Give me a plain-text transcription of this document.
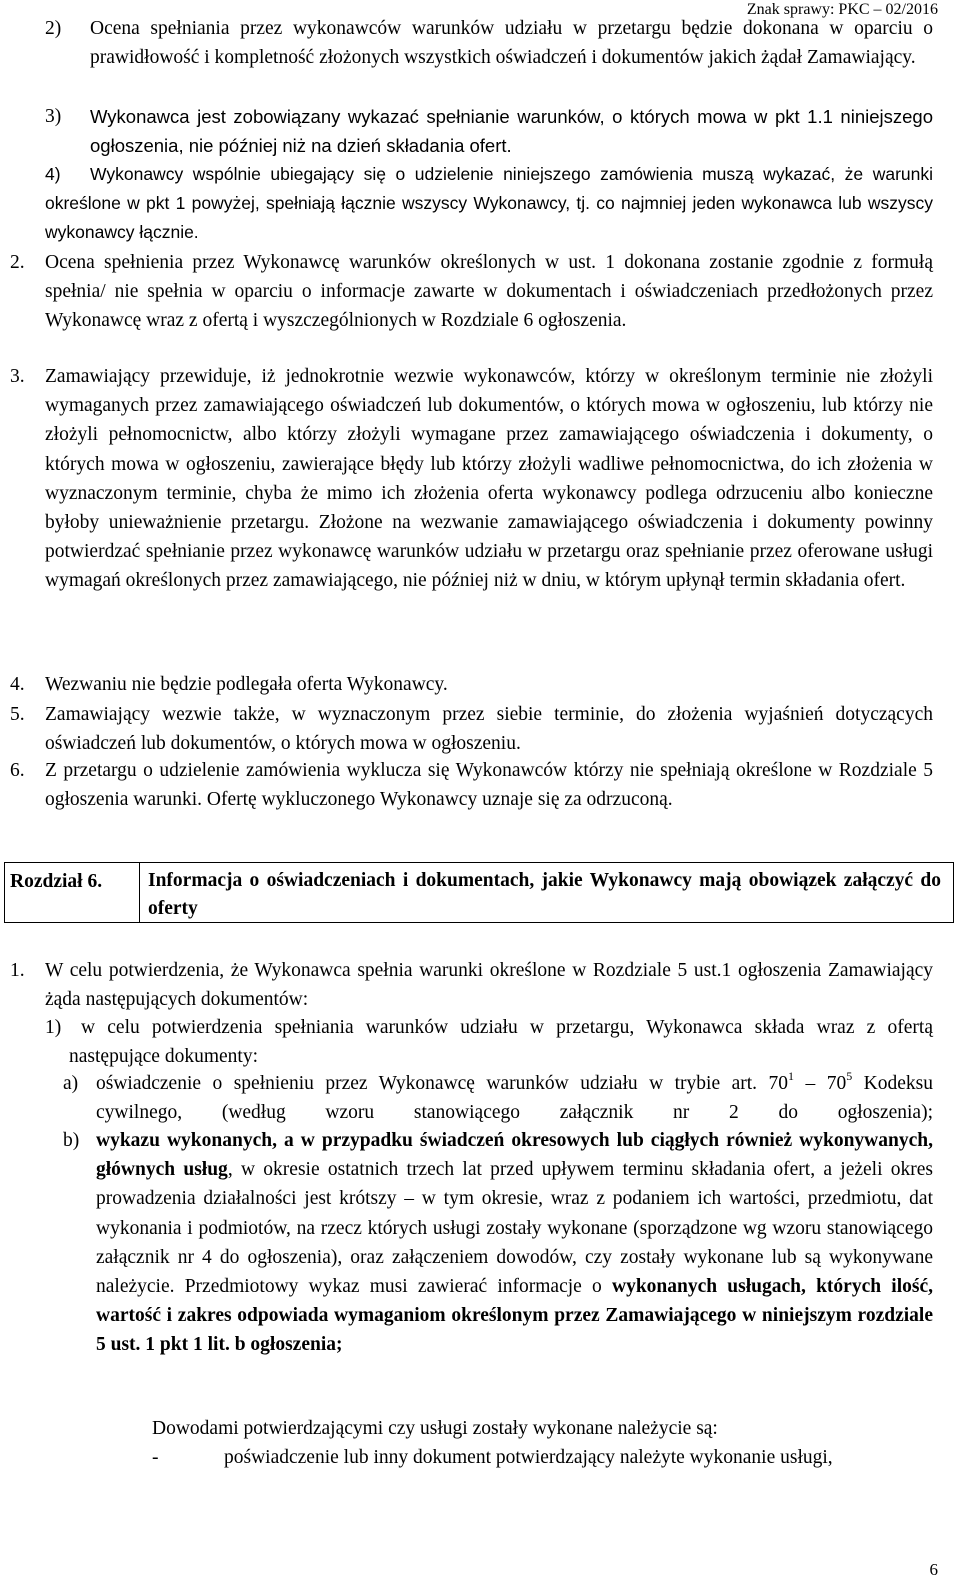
Znak sprawy: PKC – 02/2016
2) Ocena spełniania przez wykonawców warunków udziału w przetargu będzie dokonana w oparciu o prawidłowość i kompletność złożonych wszystkich oświadczeń i dokumentów jakich żądał Zamawiający.
3) Wykonawca jest zobowiązany wykazać spełnianie warunków, o których mowa w pkt 1.1 niniejszego ogłoszenia, nie później niż na dzień składania ofert.
4)	Wykonawcy wspólnie ubiegający się o udzielenie niniejszego zamówienia muszą wykazać, że warunki określone w pkt 1 powyżej, spełniają łącznie wszyscy Wykonawcy, tj. co najmniej jeden wykonawca lub wszyscy wykonawcy łącznie.
2. Ocena spełnienia przez Wykonawcę warunków określonych w ust. 1 dokonana zostanie zgodnie z formułą spełnia/ nie spełnia w oparciu o informacje zawarte w dokumentach i oświadczeniach przedłożonych przez Wykonawcę wraz z ofertą i wyszczególnionych w Rozdziale 6 ogłoszenia.
3. Zamawiający przewiduje, iż jednokrotnie wezwie wykonawców, którzy w określonym terminie nie złożyli wymaganych przez zamawiającego oświadczeń lub dokumentów, o których mowa w ogłoszeniu, lub którzy nie złożyli pełnomocnictw, albo którzy złożyli wymagane przez zamawiającego oświadczenia i dokumenty, o których mowa w ogłoszeniu, zawierające błędy lub którzy złożyli wadliwe pełnomocnictwa, do ich złożenia w wyznaczonym terminie, chyba że mimo ich złożenia oferta wykonawcy podlega odrzuceniu albo konieczne byłoby unieważnienie przetargu. Złożone na wezwanie zamawiającego oświadczenia i dokumenty powinny potwierdzać spełnianie przez wykonawcę warunków udziału w przetargu oraz spełnianie przez oferowane usługi wymagań określonych przez zamawiającego, nie później niż w dniu, w którym upłynął termin składania ofert.
4. Wezwaniu nie będzie podlegała oferta Wykonawcy.
5. Zamawiający wezwie także, w wyznaczonym przez siebie terminie, do złożenia wyjaśnień dotyczących oświadczeń lub dokumentów, o których mowa w ogłoszeniu.
6. Z przetargu o udzielenie zamówienia wyklucza się Wykonawców którzy nie spełniają określone w Rozdziale 5 ogłoszenia warunki. Ofertę wykluczonego Wykonawcy uznaje się za odrzuconą.
Rozdział 6.	Informacja o oświadczeniach i dokumentach, jakie Wykonawcy mają obowiązek załączyć do oferty
1. W celu potwierdzenia, że Wykonawca spełnia warunki określone w Rozdziale 5 ust.1 ogłoszenia Zamawiający żąda następujących dokumentów:
1)	w celu potwierdzenia spełniania warunków udziału w przetargu, Wykonawca składa wraz z ofertą następujące dokumenty:
a) oświadczenie o spełnieniu przez Wykonawcę warunków udziału w trybie art. $70^1 - 70^5$ Kodeksu cywilnego, (według wzoru stanowiącego załącznik nr 2 do ogłoszenia);
b) wykazu wykonanych, a w przypadku świadczeń okresowych lub ciągłych również wykonywanych, głównych usług, w okresie ostatnich trzech lat przed upływem terminu składania ofert, a jeżeli okres prowadzenia działalności jest krótszy – w tym okresie, wraz z podaniem ich wartości, przedmiotu, dat wykonania i podmiotów, na rzecz których usługi zostały wykonane (sporządzone wg wzoru stanowiącego załącznik nr 4 do ogłoszenia), oraz załączeniem dowodów, czy zostały wykonane lub są wykonywane należycie. Przedmiotowy wykaz musi zawierać informacje o wykonanych usługach, których ilość, wartość i zakres odpowiada wymaganiom określonym przez Zamawiającego w niniejszym rozdziale 5 ust. 1 pkt 1 lit. b ogłoszenia;
Dowodami potwierdzającymi czy usługi zostały wykonane należycie są:
-	poświadczenie lub inny dokument potwierdzający należyte wykonanie usługi,
6
